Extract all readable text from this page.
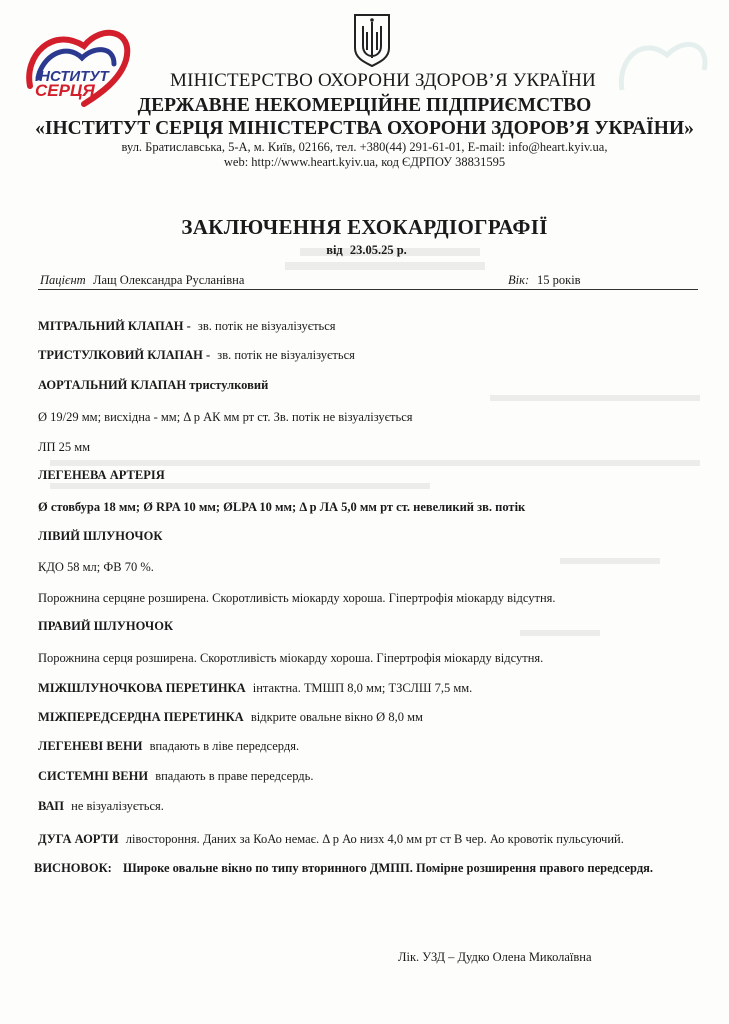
ІНСТИТУТ
СЕРЦЯ	МІНІСТЕРСТВО ОХОРОНИ ЗДОРОВ’Я УКРАЇНИ
ДЕРЖАВНЕ НЕКОМЕРЦІЙНЕ ПІДПРИЄМСТВО
«ІНСТИТУТ СЕРЦЯ МІНІСТЕРСТВА ОХОРОНИ ЗДОРОВ’Я УКРАЇНИ»
вул. Братиславська, 5-А, м. Київ, 02166, тел. +380(44) 291-61-01, E-mail: info@heart.kyiv.ua,
web: http://www.heart.kyiv.ua, код ЄДРПОУ 38831595
ЗАКЛЮЧЕННЯ ЕХОКАРДІОГРАФІЇ
від 23.05.25 р.
Пацієнт Лащ Олександра Русланівна	Вік: 15 років
МІТРАЛЬНИЙ КЛАПАН - зв. потік не візуалізується
ТРИСТУЛКОВИЙ КЛАПАН - зв. потік не візуалізується
АОРТАЛЬНИЙ КЛАПАН тристулковий
Ø 19/29 мм; висхідна - мм; Δ р АК мм рт ст. Зв. потік не візуалізується
ЛП 25 мм
ЛЕГЕНЕВА АРТЕРІЯ
Ø стовбура 18 мм; Ø RPA 10 мм; ØLPA 10 мм; Δ р ЛА 5,0 мм рт ст. невеликий зв. потік
ЛІВИЙ ШЛУНОЧОК
КДО 58 мл; ФВ 70 %.
Порожнина серцяне розширена. Скоротливість міокарду хороша. Гіпертрофія міокарду відсутня.
ПРАВИЙ ШЛУНОЧОК
Порожнина серця розширена. Скоротливість міокарду хороша. Гіпертрофія міокарду відсутня.
МІЖШЛУНОЧКОВА ПЕРЕТИНКА інтактна. ТМШП 8,0 мм; ТЗСЛШ 7,5 мм.
МІЖПЕРЕДСЕРДНА ПЕРЕТИНКА відкрите овальне вікно Ø 8,0 мм
ЛЕГЕНЕВІ ВЕНИ впадають в ліве передсердя.
СИСТЕМНІ ВЕНИ впадають в праве передсердь.
ВАП не візуалізується.
ДУГА АОРТИ лівостороння. Даних за КоАо немає. Δ р Ао низх 4,0 мм рт ст В чер. Ао кровотік пульсуючий.
ВИСНОВОК: Широке овальне вікно по типу вторинного ДМПП. Помірне розширення правого передсердя.
Лік. УЗД – Дудко Олена Миколаївна
